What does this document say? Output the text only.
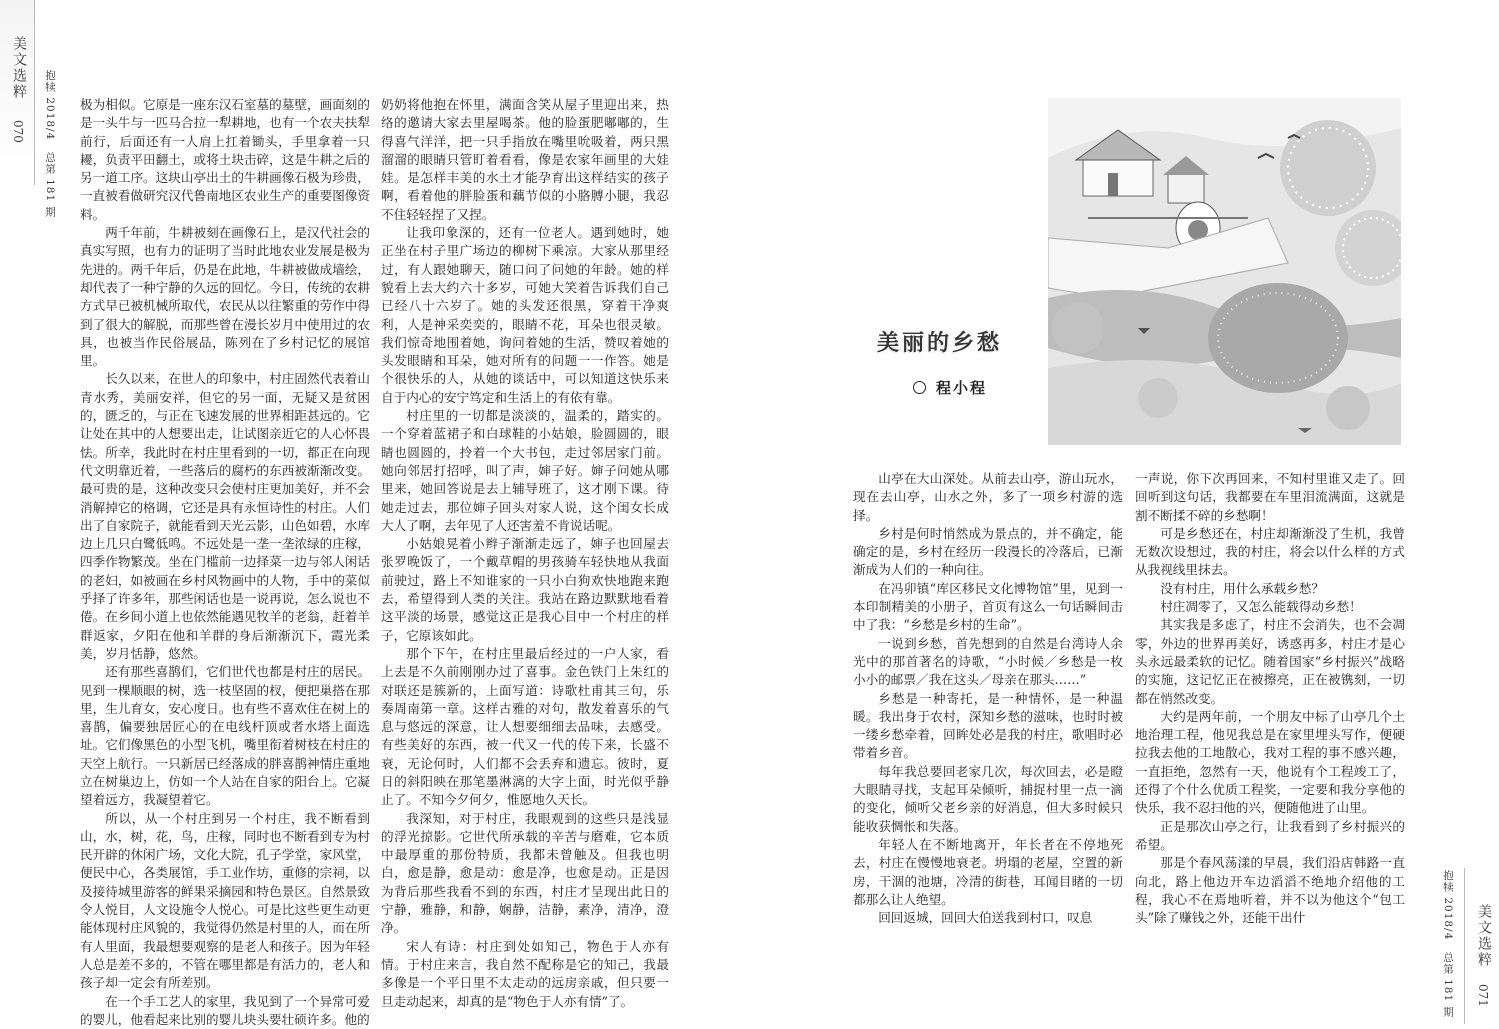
美文选粹
070 抱犊 2018/4　总第 181 期 极为相似。它原是一座东汉石室墓的墓壁，画面刻的是一头牛与一匹马合拉一犁耕地，也有一个农夫扶犁前行，后面还有一人肩上扛着锄头，手里拿着一只耰，负责平田翻土，或将土块击碎，这是牛耕之后的另一道工序。这块山亭出土的牛耕画像石极为珍贵，一直被看做研究汉代鲁南地区农业生产的重要图像资料。

两千年前，牛耕被刻在画像石上，是汉代社会的真实写照，也有力的证明了当时此地农业发展是极为先进的。两千年后，仍是在此地，牛耕被做成墙绘，却代表了一种宁静的久远的回忆。今日，传统的农耕方式早已被机械所取代，农民从以往繁重的劳作中得到了很大的解脱，而那些曾在漫长岁月中使用过的农具，也被当作民俗展品，陈列在了乡村记忆的展馆里。

长久以来，在世人的印象中，村庄固然代表着山青水秀，美丽安祥，但它的另一面，无疑又是贫困的，匮乏的，与正在飞速发展的世界相距甚远的。它让处在其中的人想要出走，让试图亲近它的人心怀畏怯。所幸，我此时在村庄里看到的一切，都正在向现代文明靠近着，一些落后的腐朽的东西被渐渐改变。最可贵的是，这种改变只会使村庄更加美好，并不会消解掉它的格调，它还是具有永恒诗性的村庄。人们出了自家院子，就能看到天光云影，山色如碧，水库边上几只白鹭低鸣。不远处是一垄一垄浓绿的庄稼，四季作物繁茂。坐在门槛前一边择菜一边与邻人闲话的老妇，如被画在乡村风物画中的人物，手中的菜似乎择了许多年，那些闲话也是一说再说，怎么说也不倦。在乡间小道上也依然能遇见牧羊的老翁，赶着羊群返家，夕阳在他和羊群的身后渐渐沉下，霞光柔美，岁月恬静，悠然。

还有那些喜鹊们，它们世代也都是村庄的居民。见到一棵顺眼的树，选一枝坚固的杈，便把巢搭在那里，生儿育女，安心度日。也有些不喜欢住在树上的喜鹊，偏要独居匠心的在电线杆顶或者水塔上面选址。它们像黑色的小型飞机，嘴里衔着树枝在村庄的天空上航行。一只新居已经落成的胖喜鹊神情庄重地立在树巢边上，仿如一个人站在自家的阳台上。它凝望着远方，我凝望着它。

所以，从一个村庄到另一个村庄，我不断看到山，水，树，花，鸟，庄稼，同时也不断看到专为村民开辟的休闲广场，文化大院，孔子学堂，家风堂，便民中心，各类展馆，手工业作坊，重修的宗祠，以及接待城里游客的鲜果采摘园和特色景区。自然景致令人悦目，人文设施令人悦心。可是比这些更生动更能体现村庄风貌的，我觉得仍然是村里的人，而在所有人里面，我最想要观察的是老人和孩子。因为年轻人总是差不多的，不管在哪里都是有活力的，老人和孩子却一定会有所差别。

在一个手工艺人的家里，我见到了一个异常可爱的婴儿，他看起来比别的婴儿块头要壮硕许多。他的

奶奶将他抱在怀里，满面含笑从屋子里迎出来，热络的邀请大家去里屋喝茶。他的脸蛋肥嘟嘟的，生得喜气洋洋，把一只手指放在嘴里吮吸着，两只黑溜溜的眼睛只管盯着看看，像是农家年画里的大娃娃。是怎样丰美的水土才能孕育出这样结实的孩子啊，看着他的胖脸蛋和藕节似的小胳膊小腿，我忍不住轻轻捏了又捏。

让我印象深的，还有一位老人。遇到她时，她正坐在村子里广场边的柳树下乘凉。大家从那里经过，有人跟她聊天，随口问了问她的年龄。她的样貌看上去大约六十多岁，可她大笑着告诉我们自己已经八十六岁了。她的头发还很黑，穿着干净爽利，人是神采奕奕的，眼睛不花，耳朵也很灵敏。我们惊奇地围着她，询问着她的生活，赞叹着她的头发眼睛和耳朵，她对所有的问题一一作答。她是个很快乐的人，从她的谈话中，可以知道这快乐来自于内心的安宁笃定和生活上的有依有靠。

村庄里的一切都是淡淡的，温柔的，踏实的。一个穿着蓝裙子和白球鞋的小姑娘，脸圆圆的，眼睛也圆圆的，拎着一个大书包，走过邻居家门前。她向邻居打招呼，叫了声，婶子好。婶子问她从哪里来，她回答说是去上辅导班了，这才刚下课。待她走过去，那位婶子回头对家人说，这个闺女长成大人了啊，去年见了人还害羞不肯说话呢。

小姑娘晃着小辫子渐渐走远了，婶子也回屋去张罗晚饭了，一个戴草帽的男孩骑车轻快地从我面前驶过，路上不知谁家的一只小白狗欢快地跑来跑去，希望得到人类的关注。我站在路边默默地看着这平淡的场景，感觉这正是我心目中一个村庄的样子，它原该如此。

那个下午，在村庄里最后经过的一户人家，看上去是不久前刚刚办过了喜事。金色铁门上朱红的对联还是簇新的，上面写道：诗歌杜甫其三句，乐奏周南第一章。这样古雅的对句，散发着喜乐的气息与悠远的深意，让人想要细细去品味，去感受。有些美好的东西，被一代又一代的传下来，长盛不衰，无论何时，人们都不会丢弃和遗忘。彼时，夏日的斜阳映在那笔墨淋漓的大字上面，时光似乎静止了。不知今夕何夕，惟愿地久天长。

我深知，对于村庄，我眼观到的这些只是浅显的浮光掠影。它世代所承载的辛苦与磨难，它本质中最厚重的那份特质，我都未曾触及。但我也明白，愈是静，愈是动：愈是净，也愈是动。正是因为背后那些我看不到的东西，村庄才呈现出此日的宁静，雅静，和静，娴静，洁静，素净，清净，澄净。

宋人有诗：村庄到处如知己，物色于人亦有情。于村庄来言，我自然不配称是它的知己，我最多像是一个平日里不太走动的远房亲戚，但只要一旦走动起来，却真的是“物色于人亦有情”了。

美丽的乡愁
程小程

山亭在大山深处。从前去山亭，游山玩水，现在去山亭，山水之外，多了一项乡村游的选择。

乡村是何时悄然成为景点的，并不确定，能确定的是，乡村在经历一段漫长的冷落后，已渐渐成为人们的一种向往。

在冯卯镇“库区移民文化博物馆”里，见到一本印制精美的小册子，首页有这么一句话瞬间击中了我：“乡愁是乡村的生命”。

一说到乡愁，首先想到的自然是台湾诗人余光中的那首著名的诗歌，“小时候／乡愁是一枚小小的邮票／我在这头／母亲在那头……”

乡愁是一种寄托，是一种情怀，是一种温暖。我出身于农村，深知乡愁的滋味，也时时被一缕乡愁牵着，回眸处必是我的村庄，歌唱时必带着乡音。

每年我总要回老家几次，每次回去，必是瞪大眼睛寻找，支起耳朵倾听，捕捉村里一点一滴的变化，倾听父老乡亲的好消息，但大多时候只能收获惆怅和失落。

年轻人在不断地离开，年长者在不停地死去，村庄在慢慢地衰老。坍塌的老屋，空置的新房，干涸的池塘，冷清的街巷，耳闻目睹的一切都那么让人绝望。

回回返城，回回大伯送我到村口，叹息

一声说，你下次再回来，不知村里谁又走了。回回听到这句话，我都要在车里泪流满面，这就是割不断揉不碎的乡愁啊！

可是乡愁还在，村庄却渐渐没了生机，我曾无数次设想过，我的村庄，将会以什么样的方式从我视线里抹去。

没有村庄，用什么承载乡愁？

村庄凋零了，又怎么能载得动乡愁！

其实我是多虑了，村庄不会消失，也不会凋零，外边的世界再美好，诱惑再多，村庄才是心头永远最柔软的记忆。随着国家“乡村振兴”战略的实施，这记忆正在被擦亮，正在被镌刻，一切都在悄然改变。

大约是两年前，一个朋友中标了山亭几个土地治理工程，他见我总是在家里埋头写作，便硬拉我去他的工地散心，我对工程的事不感兴趣，一直拒绝，忽然有一天，他说有个工程竣工了，还得了个什么优质工程奖，一定要和我分享他的快乐，我不忍扫他的兴，便随他进了山里。

正是那次山亭之行，让我看到了乡村振兴的希望。

那是个春风荡漾的早晨，我们沿店韩路一直向北，路上他边开车边滔滔不绝地介绍他的工程，我心不在焉地听着，并不以为他这个“包工头”除了赚钱之外，还能干出什	抱犊 2018/4　总第 181 期 美文选粹
071
